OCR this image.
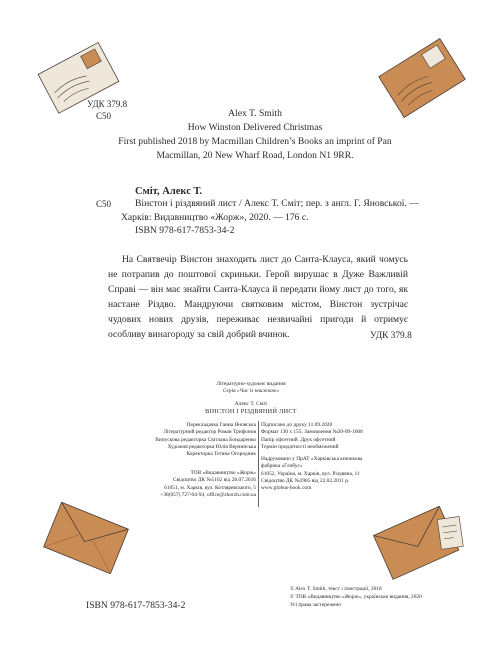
УДК 379.8
С50	Alex T. Smith
How Winston Delivered Christmas
First published 2018 by Macmillan Children’s Books an imprint of Pan
Macmillan, 20 New Wharf Road, London N1 9RR.
Сміт, Алекс Т.
С50	Вінстон і різдвяний лист / Алекс Т. Сміт; пер. з англ. Г. Яновської. — Харків: Видавництво «Жорж», 2020. — 176 с.
ISBN 978-617-7853-34-2
На Святвечір Вінстон знаходить лист до Санта-Клауса, який чомусь не потрапив до поштової скриньки. Герой вирушає в Дуже Важливій Справі — він має знайти Санта-Клауса й передати йому лист до того, як настане Різдво. Мандруючи святковим містом, Вінстон зустрічає чудових нових друзів, переживає незвичайні пригоди й отримує особливу винагороду за свій добрий вчинок.	УДК 379.8
Літературно-художнє видання
Серія «Час із книжкою»
Алекс Т. Сміт
ВІНСТОН І РІЗДВЯНИЙ ЛИСТ
Перекладачка Ганна Яновська
Літературний редактор Роман Трифонов
Випускова редакторка Світлана Бондаренко
Художня редакторка Юлія Верчинська
Коректорка Тетяна Огородник
ТОВ «Видавництво «Жорж»
Свідоцтво ДК №5162 від 28.07.2016
61051, м. Харків, вул. Котляревського, 5
+38(057) 727-04-94, office@zhorzh.com.ua
Підписано до друку 11.09.2020
Формат 130 х 155. Замовлення №20-09-1608
Папір офсетний. Друк офсетний
Термін придатності необмежений
Надруковано у ПрАТ «Харківська книжкова
фабрика «Глобус»
61052, Україна, м. Харків, вул. Різдвяна, 11
Свідоцтво ДК №3985 від 22.02.2011 р.
www.globus-book.com
ISBN 978-617-7853-34-2
© Alex T. Smith, текст і ілюстрації, 2018
© ТОВ «Видавництво «Жорж», українське видання, 2020
Усі права застережено
